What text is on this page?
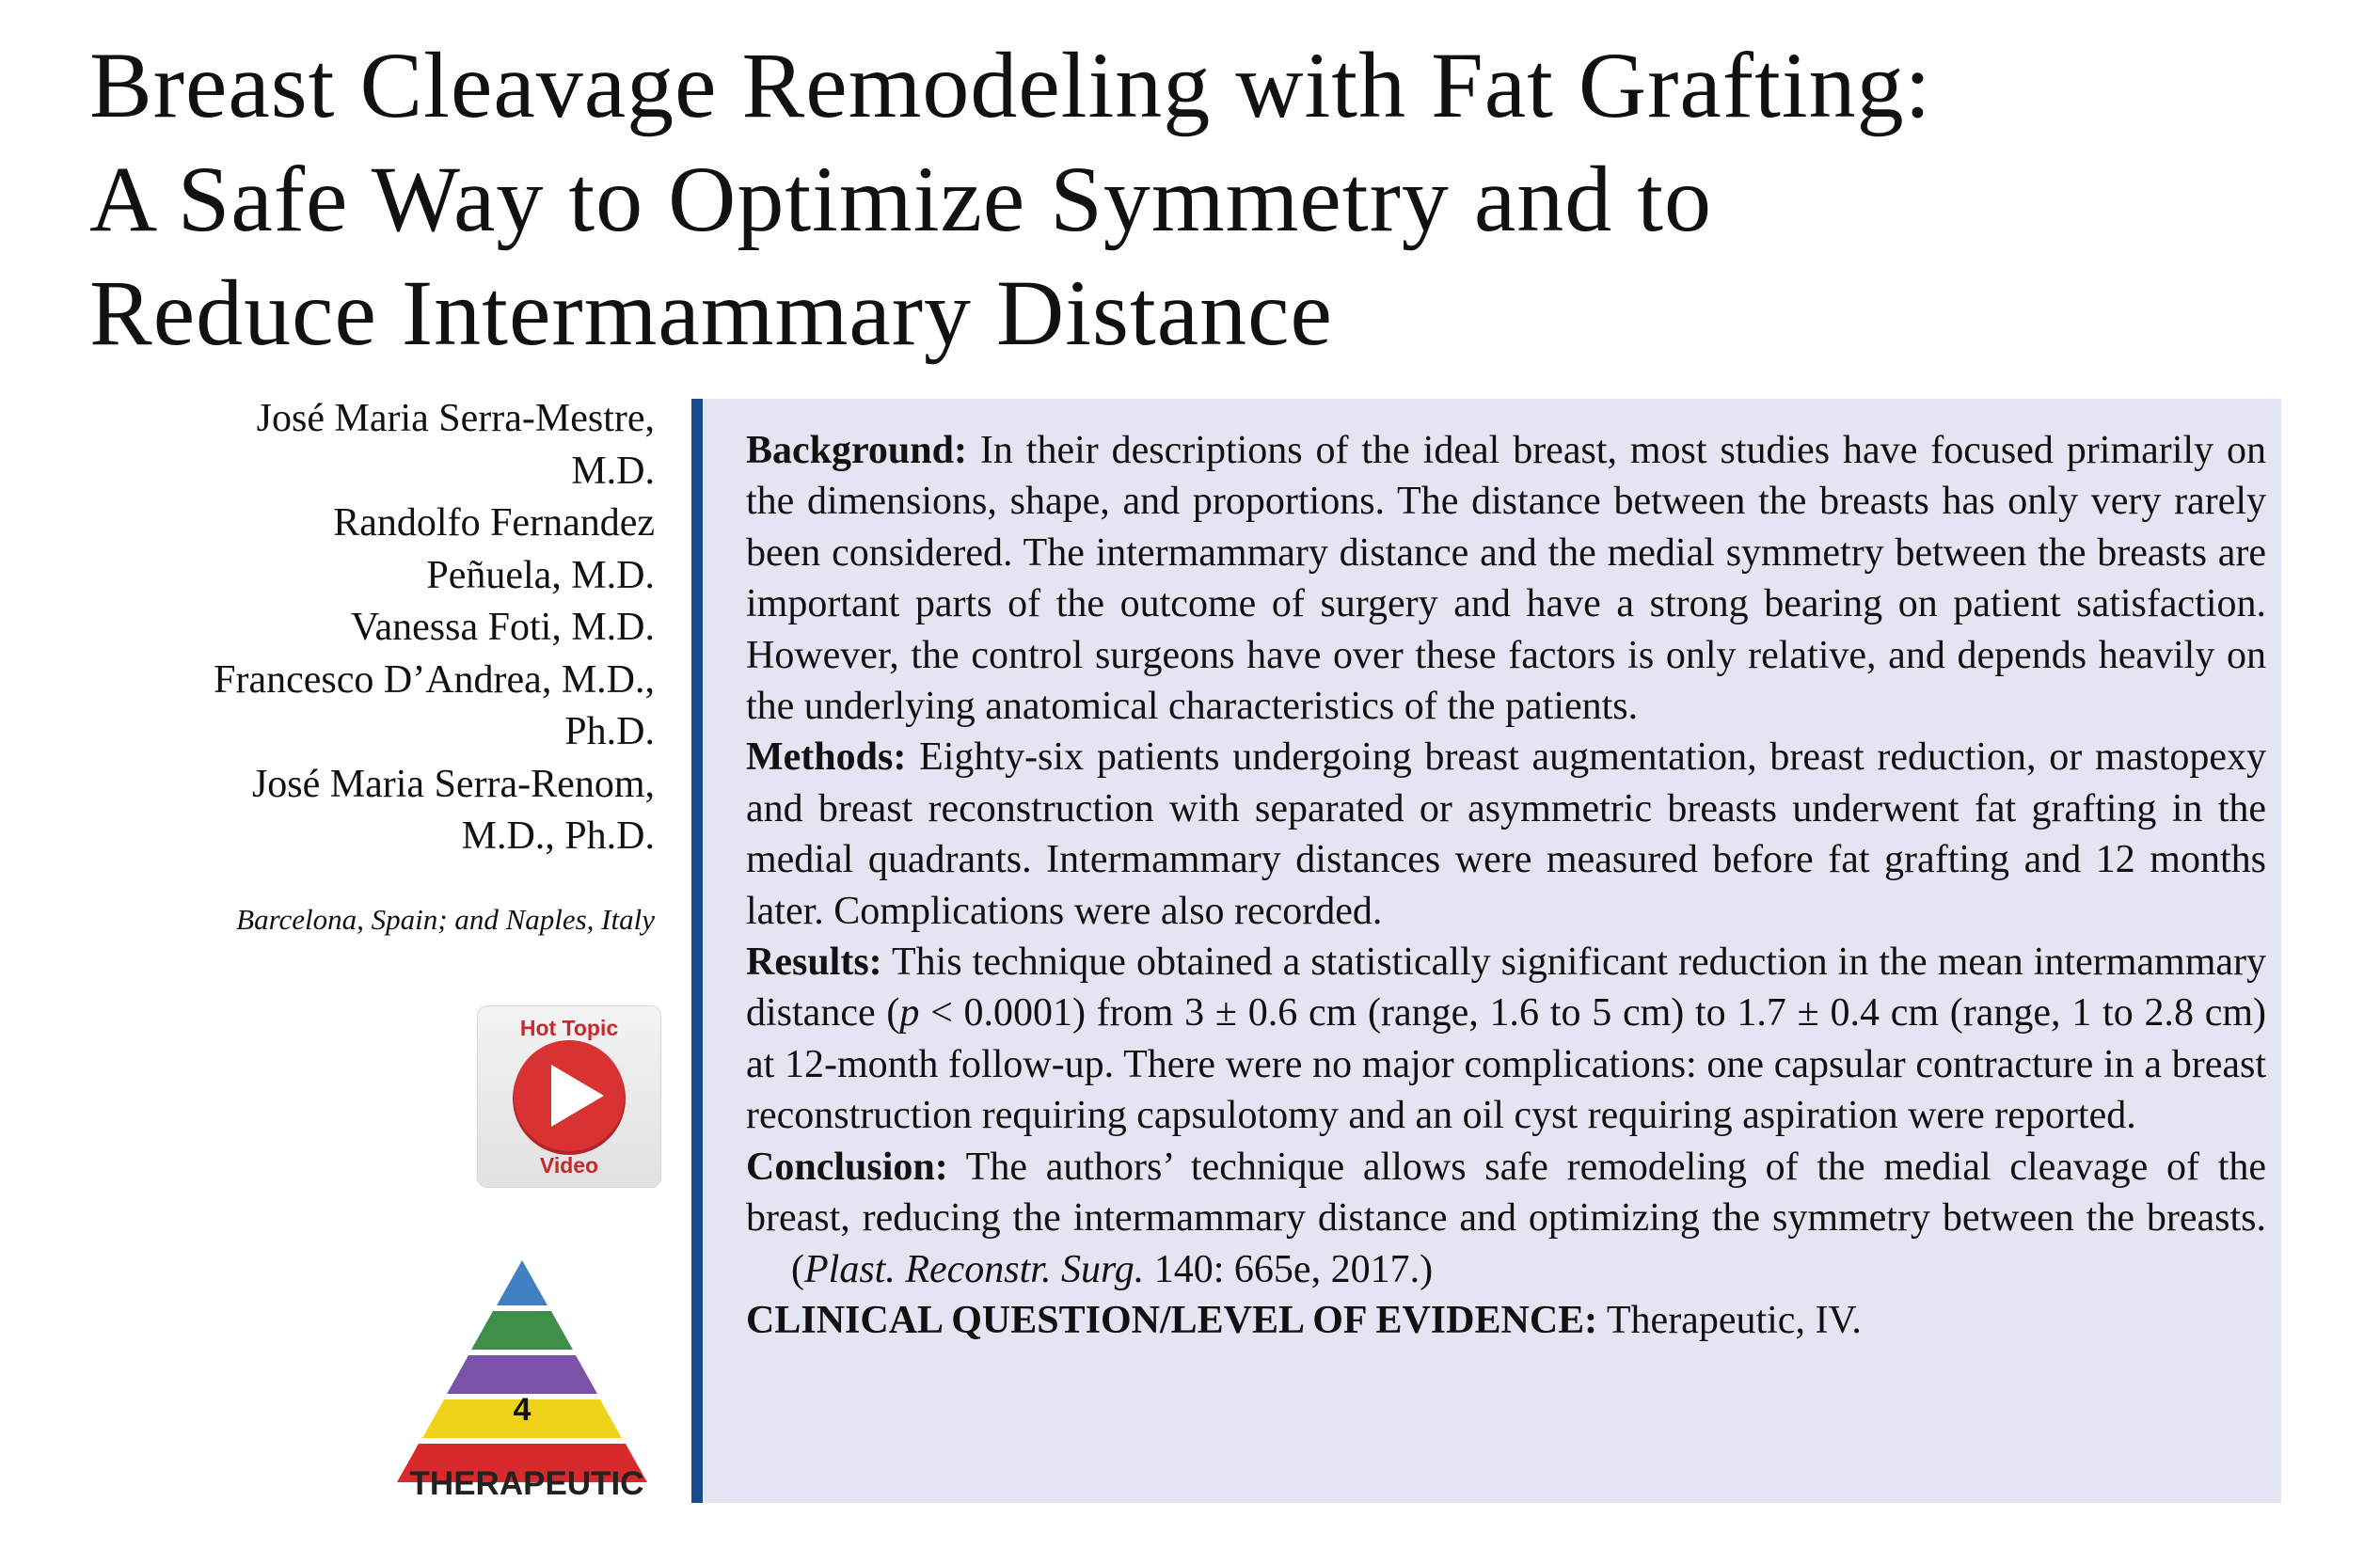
Breast Cleavage Remodeling with Fat Grafting:
A Safe Way to Optimize Symmetry and to
Reduce Intermammary Distance
José Maria Serra-Mestre,
M.D.
Randolfo Fernandez
Peñuela, M.D.
Vanessa Foti, M.D.
Francesco D’Andrea, M.D.,
Ph.D.
José Maria Serra-Renom,
M.D., Ph.D.
Barcelona, Spain; and Naples, Italy
Hot Topic
Video
4
THERAPEUTIC

Background: In their descriptions of the ideal breast, most studies have focused primarily on the dimensions, shape, and proportions. The distance between the breasts has only very rarely been considered. The intermammary distance and the medial symmetry between the breasts are important parts of the outcome of surgery and have a strong bearing on patient satisfaction. However, the control surgeons have over these factors is only relative, and depends heavily on the underlying anatomical characteristics of the patients.

Methods: Eighty-six patients undergoing breast augmentation, breast reduction, or mastopexy and breast reconstruction with separated or asymmetric breasts underwent fat grafting in the medial quadrants. Intermammary distances were measured before fat grafting and 12 months later. Complications were also recorded.

Results: This technique obtained a statistically significant reduction in the mean intermammary distance (p < 0.0001) from 3 ± 0.6 cm (range, 1.6 to 5 cm) to 1.7 ± 0.4 cm (range, 1 to 2.8 cm) at 12-month follow-up. There were no major complications: one capsular contracture in a breast reconstruction requiring capsulotomy and an oil cyst requiring aspiration were reported.

Conclusion: The authors’ technique allows safe remodeling of the medial cleavage of the breast, reducing the intermammary distance and optimizing the symmetry between the breasts.(Plast. Reconstr. Surg. 140: 665e, 2017.)

CLINICAL QUESTION/LEVEL OF EVIDENCE: Therapeutic, IV.
